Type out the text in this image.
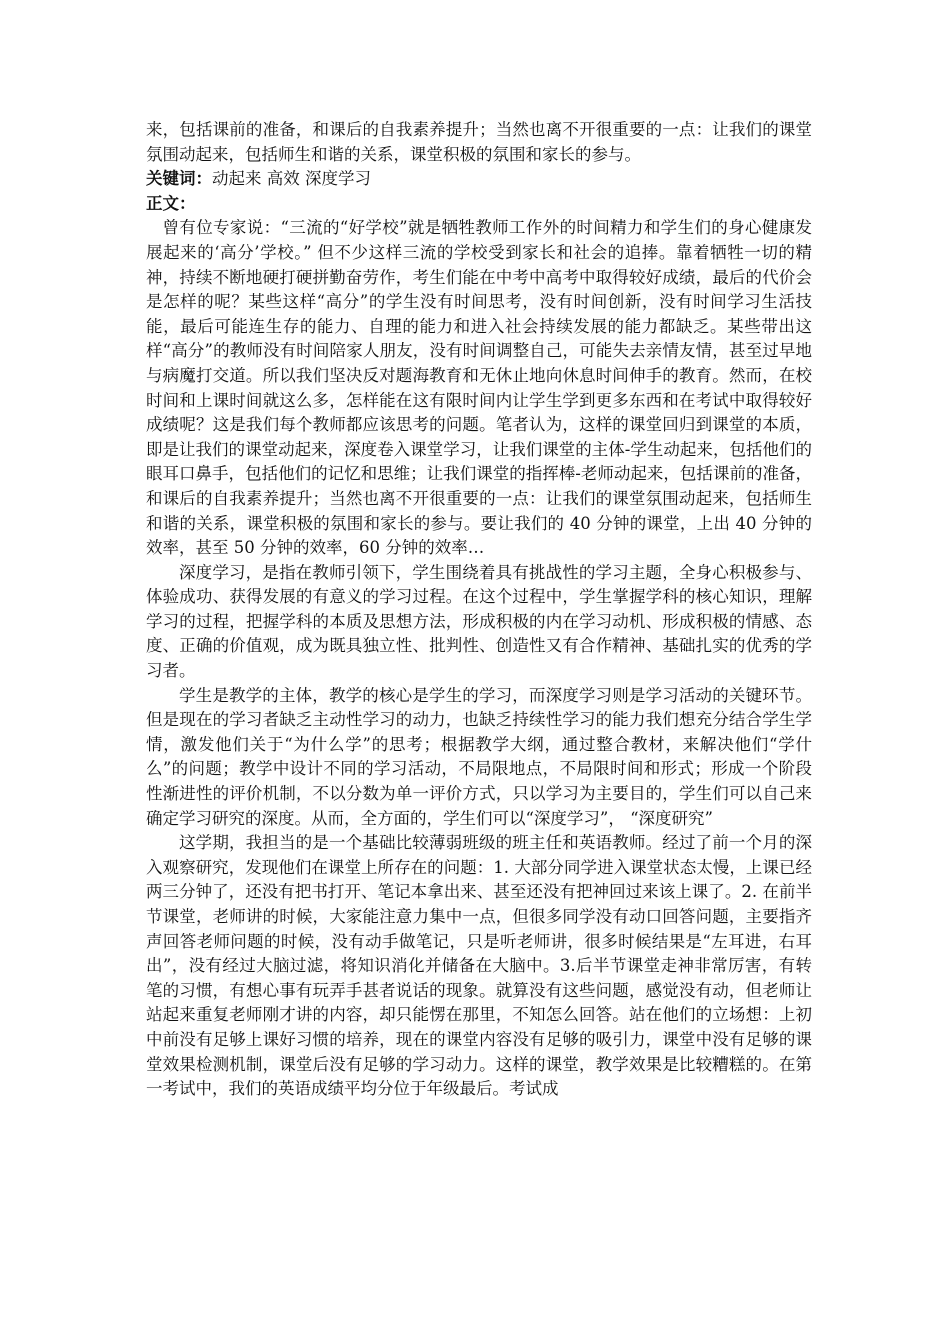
来，包括课前的准备，和课后的自我素养提升；当然也离不开很重要的一点：让我们的课堂氛围动起来，包括师生和谐的关系，课堂积极的氛围和家长的参与。

关键词：动起来 高效 深度学习

正文：

曾有位专家说：“三流的“好学校”就是牺牲教师工作外的时间精力和学生们的身心健康发展起来的‘高分’学校。” 但不少这样三流的学校受到家长和社会的追捧。靠着牺牲一切的精神，持续不断地硬打硬拼勤奋劳作，考生们能在中考中高考中取得较好成绩，最后的代价会是怎样的呢？某些这样“高分”的学生没有时间思考，没有时间创新，没有时间学习生活技能，最后可能连生存的能力、自理的能力和进入社会持续发展的能力都缺乏。某些带出这样“高分”的教师没有时间陪家人朋友，没有时间调整自己，可能失去亲情友情，甚至过早地与病魔打交道。所以我们坚决反对题海教育和无休止地向休息时间伸手的教育。然而，在校时间和上课时间就这么多，怎样能在这有限时间内让学生学到更多东西和在考试中取得较好成绩呢？这是我们每个教师都应该思考的问题。笔者认为，这样的课堂回归到课堂的本质，即是让我们的课堂动起来，深度卷入课堂学习，让我们课堂的主体-学生动起来，包括他们的眼耳口鼻手，包括他们的记忆和思维；让我们课堂的指挥棒-老师动起来，包括课前的准备，和课后的自我素养提升；当然也离不开很重要的一点：让我们的课堂氛围动起来，包括师生和谐的关系，课堂积极的氛围和家长的参与。要让我们的 40 分钟的课堂，上出 40 分钟的效率，甚至 50 分钟的效率，60 分钟的效率…

深度学习，是指在教师引领下，学生围绕着具有挑战性的学习主题，全身心积极参与、体验成功、获得发展的有意义的学习过程。在这个过程中，学生掌握学科的核心知识，理解学习的过程，把握学科的本质及思想方法，形成积极的内在学习动机、形成积极的情感、态度、正确的价值观，成为既具独立性、批判性、创造性又有合作精神、基础扎实的优秀的学习者。

学生是教学的主体，教学的核心是学生的学习，而深度学习则是学习活动的关键环节。但是现在的学习者缺乏主动性学习的动力，也缺乏持续性学习的能力我们想充分结合学生学情，激发他们关于“为什么学”的思考；根据教学大纲，通过整合教材，来解决他们“学什么”的问题；教学中设计不同的学习活动，不局限地点，不局限时间和形式；形成一个阶段性渐进性的评价机制，不以分数为单一评价方式，只以学习为主要目的，学生们可以自己来确定学习研究的深度。从而，全方面的，学生们可以“深度学习”， “深度研究”

这学期，我担当的是一个基础比较薄弱班级的班主任和英语教师。经过了前一个月的深入观察研究，发现他们在课堂上所存在的问题：1. 大部分同学进入课堂状态太慢，上课已经两三分钟了，还没有把书打开、笔记本拿出来、甚至还没有把神回过来该上课了。2. 在前半节课堂，老师讲的时候，大家能注意力集中一点，但很多同学没有动口回答问题，主要指齐声回答老师问题的时候，没有动手做笔记，只是听老师讲，很多时候结果是“左耳进，右耳出”，没有经过大脑过滤，将知识消化并储备在大脑中。3.后半节课堂走神非常厉害，有转笔的习惯，有想心事有玩弄手甚者说话的现象。就算没有这些问题，感觉没有动，但老师让站起来重复老师刚才讲的内容，却只能愣在那里，不知怎么回答。站在他们的立场想：上初中前没有足够上课好习惯的培养，现在的课堂内容没有足够的吸引力，课堂中没有足够的课堂效果检测机制，课堂后没有足够的学习动力。这样的课堂，教学效果是比较糟糕的。在第一考试中，我们的英语成绩平均分位于年级最后。考试成
